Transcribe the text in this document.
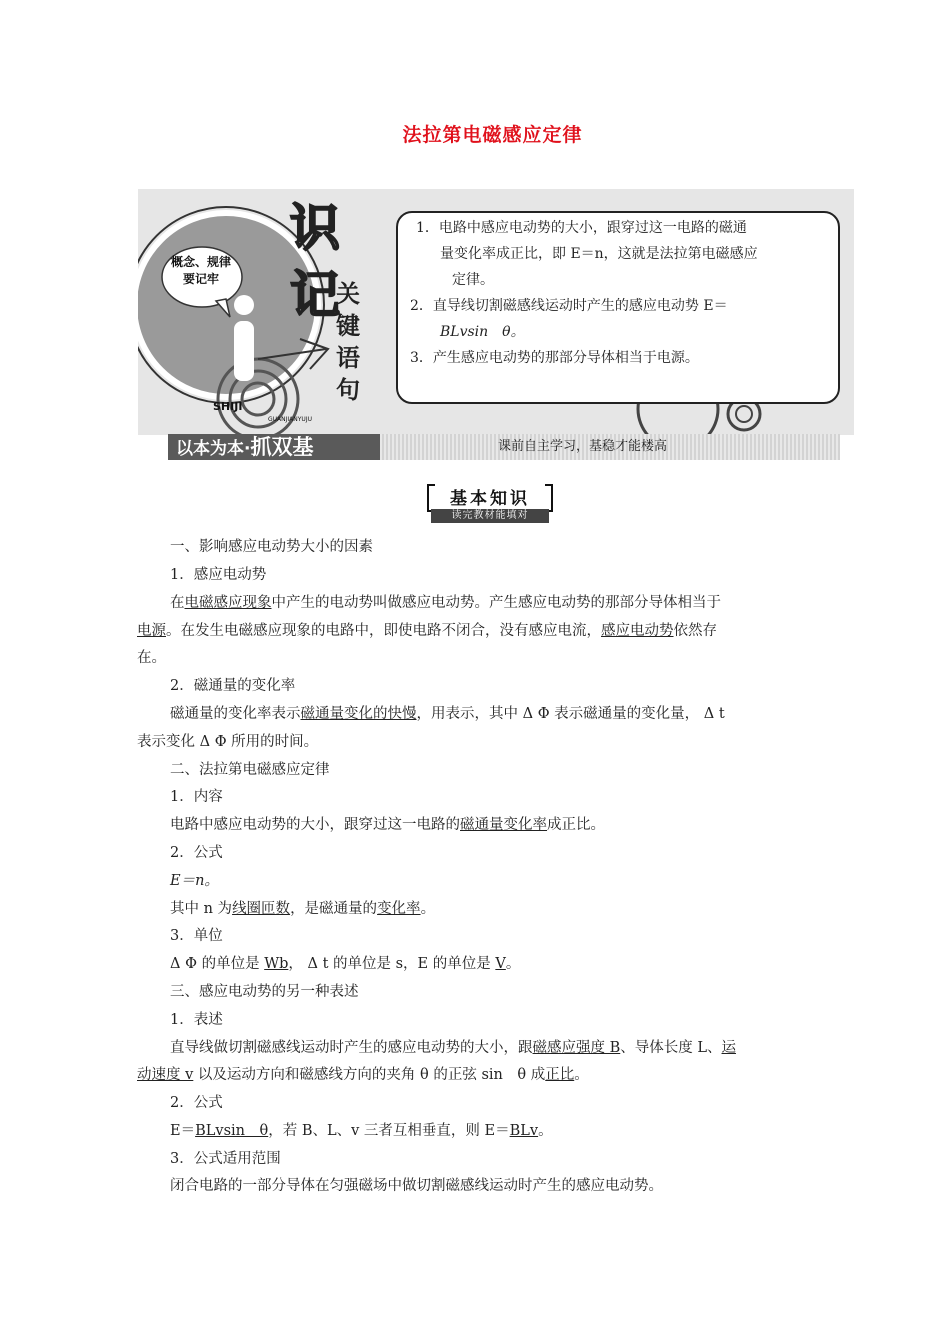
法拉第电磁感应定律
概念、规律
要记牢
识
记
关
键
语
句
SHIJI
GUANJIANYUJU

1．电路中感应电动势的大小，跟穿过这一电路的磁通

量变化率成正比，即 E＝n，这就是法拉第电磁感应

定律。

2．直导线切割磁感线运动时产生的感应电动势 E＝

BLvsin　θ。

3．产生感应电动势的那部分导体相当于电源。

以本为本·抓双基	课前自主学习，基稳才能楼高
基本知识
读完教材能填对
一、影响感应电动势大小的因素
1．感应电动势
在电磁感应现象中产生的电动势叫做感应电动势。产生感应电动势的那部分导体相当于
电源。在发生电磁感应现象的电路中，即使电路不闭合，没有感应电流，感应电动势依然存
在。
2．磁通量的变化率
磁通量的变化率表示磁通量变化的快慢，用表示，其中 Δ Φ 表示磁通量的变化量， Δ t
表示变化 Δ Φ 所用的时间。
二、法拉第电磁感应定律
1．内容
电路中感应电动势的大小，跟穿过这一电路的磁通量变化率成正比。
2．公式
E＝n。
其中 n 为线圈匝数，是磁通量的变化率。
3．单位
Δ Φ 的单位是 Wb， Δ t 的单位是 s，E 的单位是 V。
三、感应电动势的另一种表述
1．表述
直导线做切割磁感线运动时产生的感应电动势的大小，跟磁感应强度 B、导体长度 L、运
动速度 v 以及运动方向和磁感线方向的夹角 θ 的正弦 sin　θ 成正比。
2．公式
E＝BLvsin　θ，若 B、L、v 三者互相垂直，则 E＝BLv。
3．公式适用范围
闭合电路的一部分导体在匀强磁场中做切割磁感线运动时产生的感应电动势。
